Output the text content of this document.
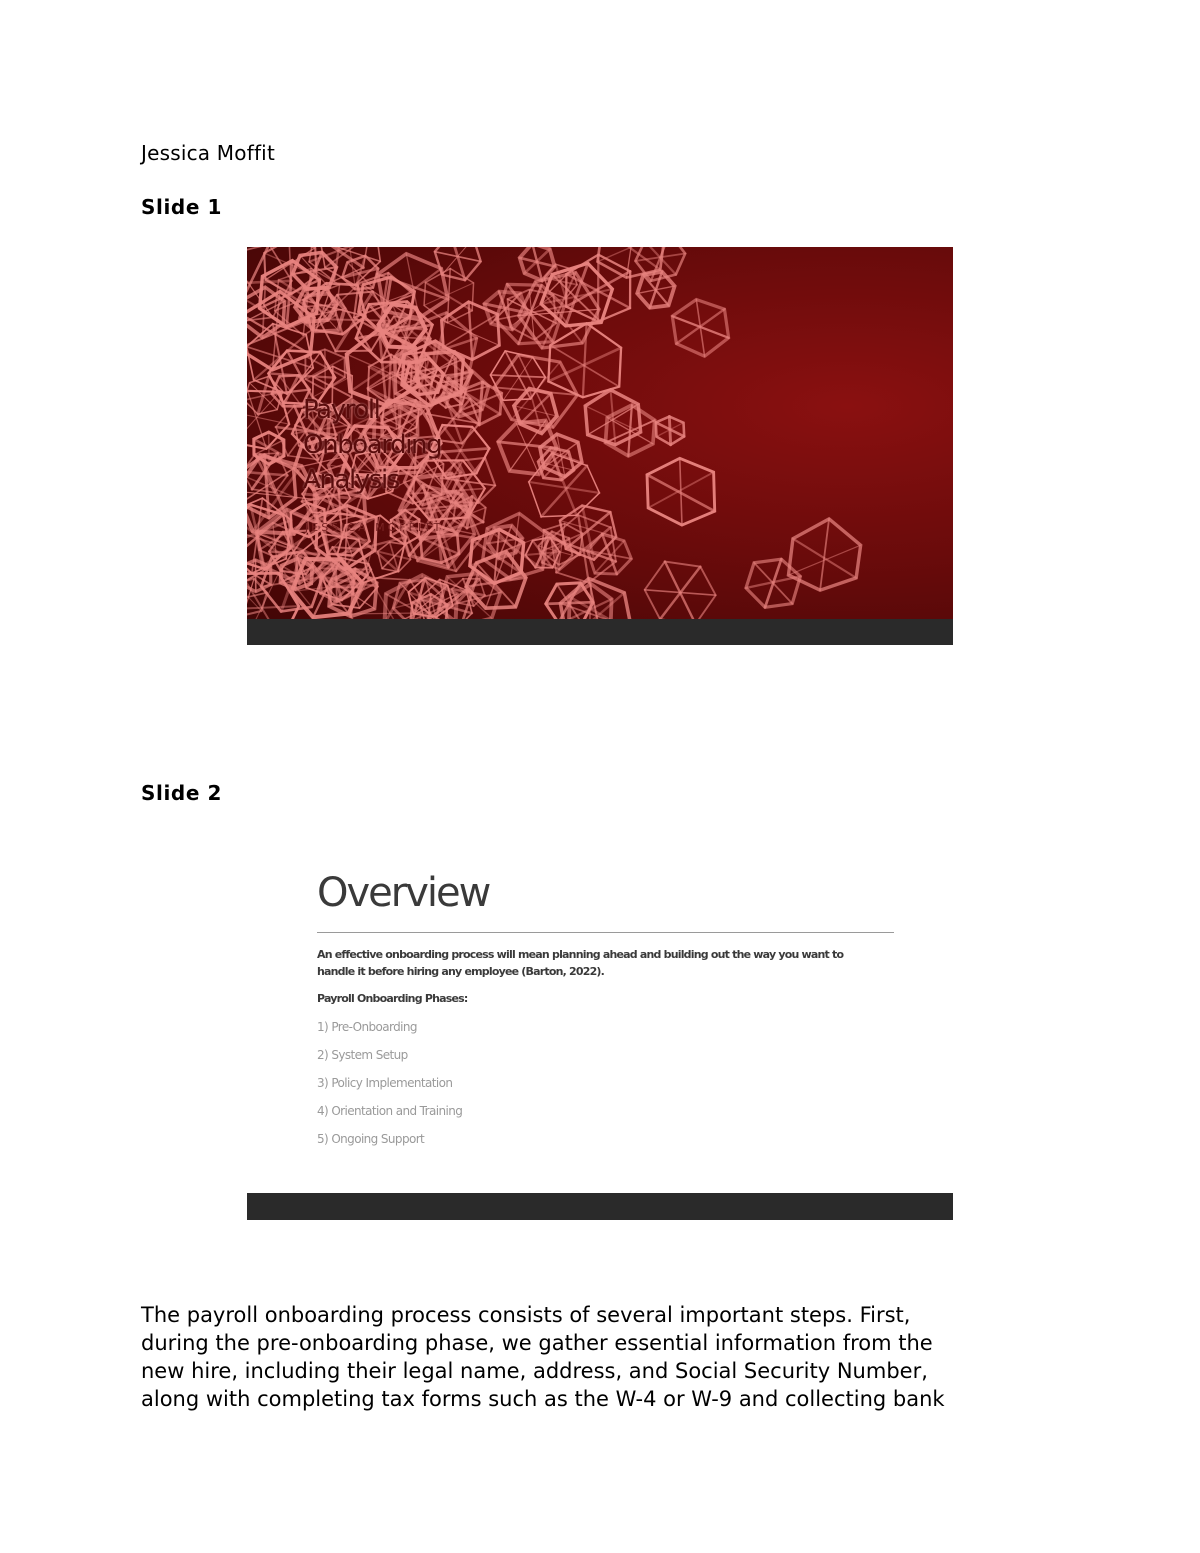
Jessica Moffit
Slide 1
Payroll
Onboarding
Analysis
JESSICA MOFFITT
Slide 2
Overview
An effective onboarding process will mean planning ahead and building out the way you want to handle it before hiring any employee (Barton, 2022).
Payroll Onboarding Phases:
1) Pre-Onboarding
2) System Setup
3) Policy Implementation
4) Orientation and Training
5) Ongoing Support
The payroll onboarding process consists of several important steps. First,
during the pre-onboarding phase, we gather essential information from the
new hire, including their legal name, address, and Social Security Number,
along with completing tax forms such as the W-4 or W-9 and collecting bank
